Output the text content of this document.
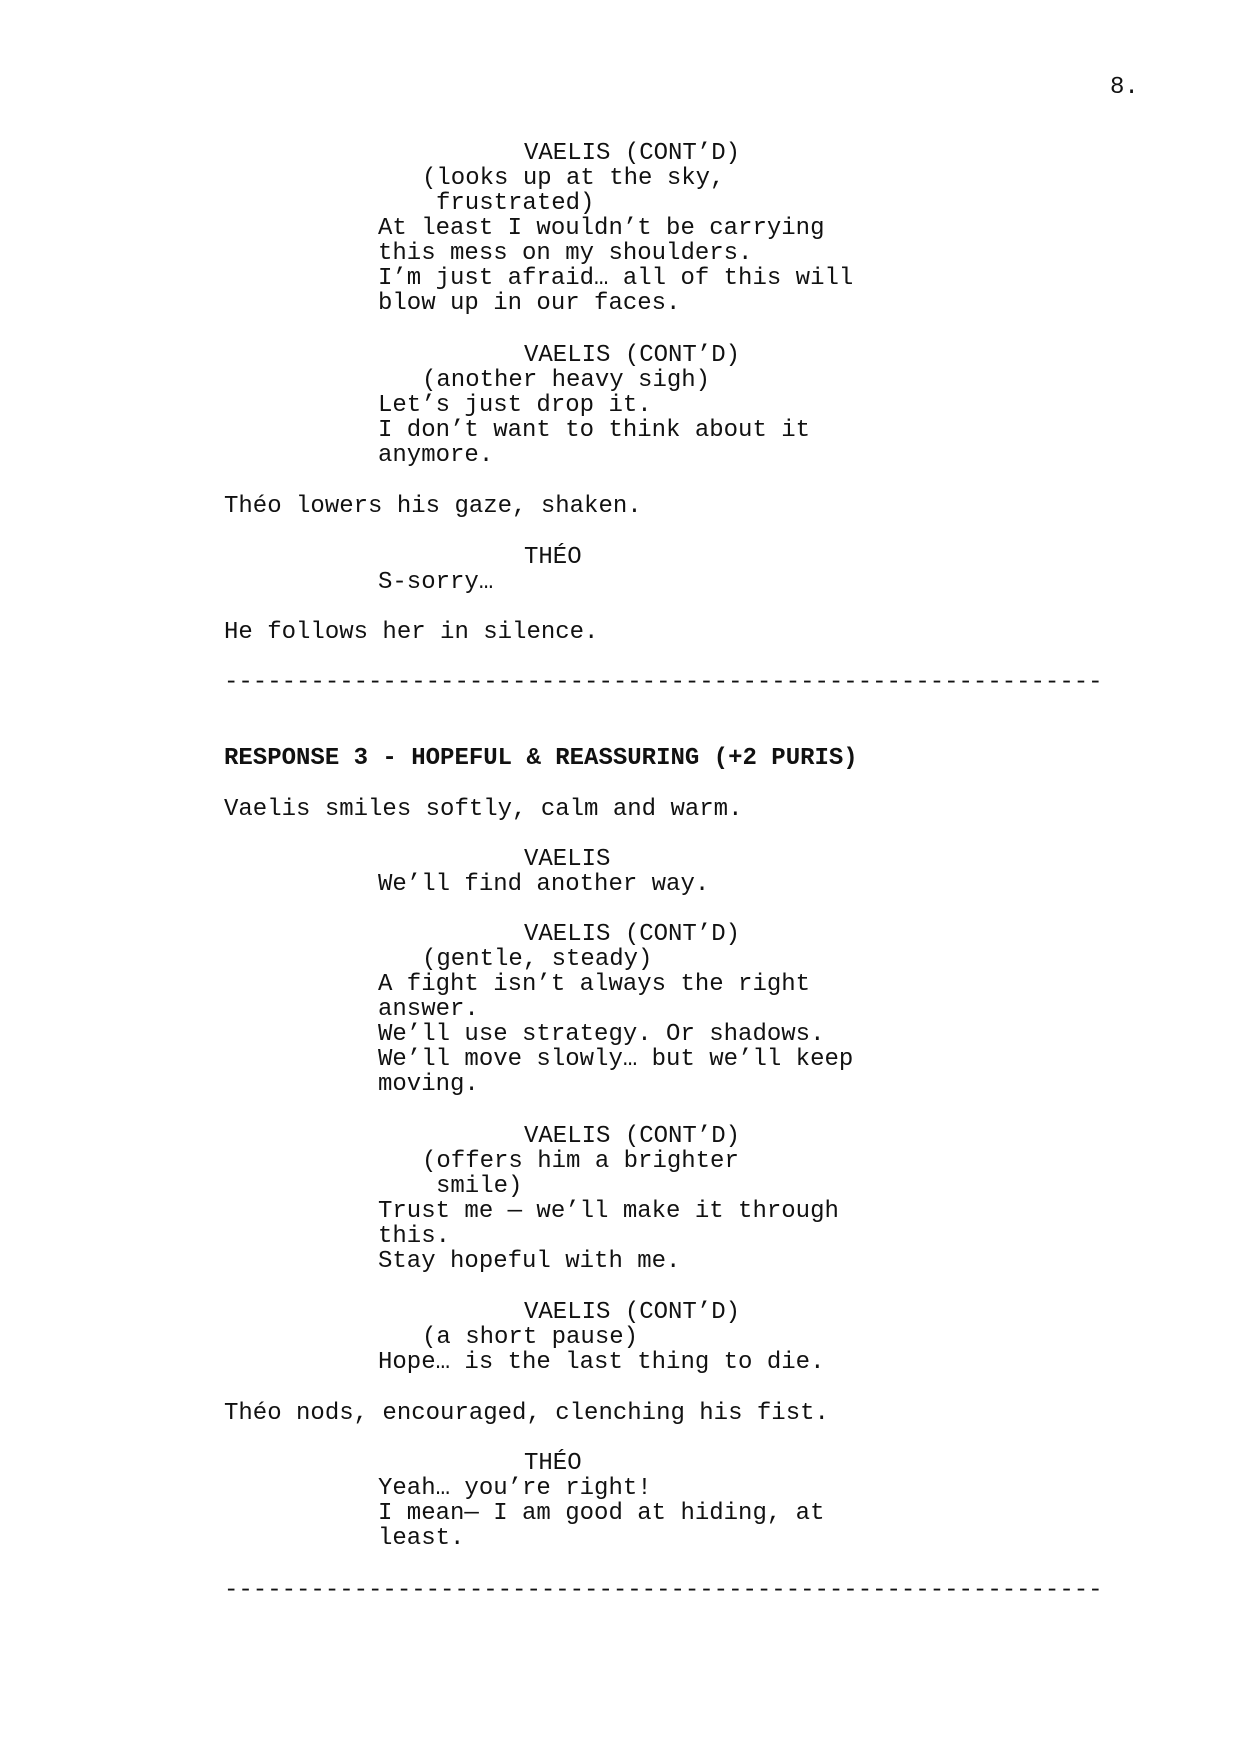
8.
VAELIS (CONT’D)
(looks up at the sky,
frustrated)
At least I wouldn’t be carrying
this mess on my shoulders.
I’m just afraid… all of this will
blow up in our faces.
VAELIS (CONT’D)
(another heavy sigh)
Let’s just drop it.
I don’t want to think about it
anymore.
Théo lowers his gaze, shaken.
THÉO
S-sorry…
He follows her in silence.
-------------------------------------------------------------
RESPONSE 3 - HOPEFUL & REASSURING (+2 PURIS)
Vaelis smiles softly, calm and warm.
VAELIS
We’ll find another way.
VAELIS (CONT’D)
(gentle, steady)
A fight isn’t always the right
answer.
We’ll use strategy. Or shadows.
We’ll move slowly… but we’ll keep
moving.
VAELIS (CONT’D)
(offers him a brighter
smile)
Trust me — we’ll make it through
this.
Stay hopeful with me.
VAELIS (CONT’D)
(a short pause)
Hope… is the last thing to die.
Théo nods, encouraged, clenching his fist.
THÉO
Yeah… you’re right!
I mean— I am good at hiding, at
least.
-------------------------------------------------------------
